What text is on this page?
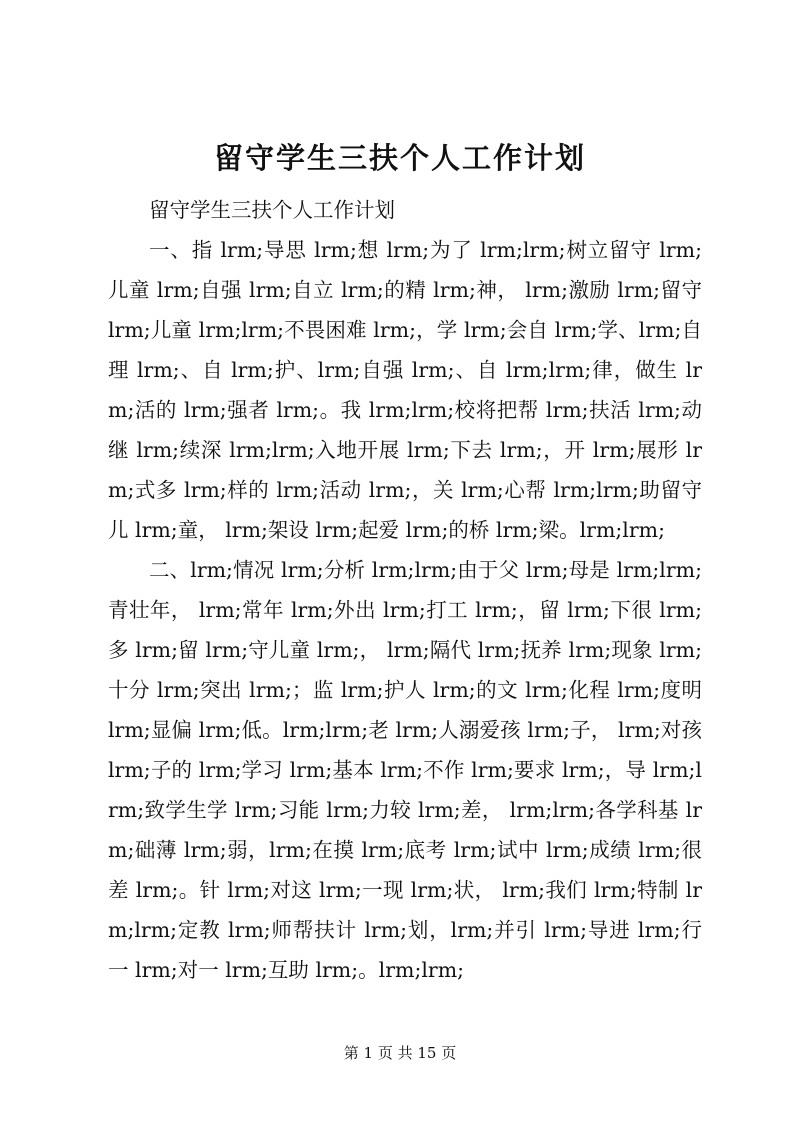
留守学生三扶个人工作计划

留守学生三扶个人工作计划

一、指 lrm;导思 lrm;想 lrm;为了 lrm;lrm;树立留守 lrm;儿童 lrm;自强 lrm;自立 lrm;的精 lrm;神， lrm;激励 lrm;留守 lrm;儿童 lrm;lrm;不畏困难 lrm;，学 lrm;会自 lrm;学、lrm;自理 lrm;、自 lrm;护、lrm;自强 lrm;、自 lrm;lrm;律，做生 lrm;活的 lrm;强者 lrm;。我 lrm;lrm;校将把帮 lrm;扶活 lrm;动继 lrm;续深 lrm;lrm;入地开展 lrm;下去 lrm;，开 lrm;展形 lrm;式多 lrm;样的 lrm;活动 lrm;，关 lrm;心帮 lrm;lrm;助留守儿 lrm;童， lrm;架设 lrm;起爱 lrm;的桥 lrm;梁。lrm;lrm;

二、lrm;情况 lrm;分析 lrm;lrm;由于父 lrm;母是 lrm;lrm;青壮年， lrm;常年 lrm;外出 lrm;打工 lrm;，留 lrm;下很 lrm;多 lrm;留 lrm;守儿童 lrm;， lrm;隔代 lrm;抚养 lrm;现象 lrm;十分 lrm;突出 lrm;；监 lrm;护人 lrm;的文 lrm;化程 lrm;度明 lrm;显偏 lrm;低。lrm;lrm;老 lrm;人溺爱孩 lrm;子， lrm;对孩 lrm;子的 lrm;学习 lrm;基本 lrm;不作 lrm;要求 lrm;，导 lrm;lrm;致学生学 lrm;习能 lrm;力较 lrm;差， lrm;lrm;各学科基 lrm;础薄 lrm;弱，lrm;在摸 lrm;底考 lrm;试中 lrm;成绩 lrm;很差 lrm;。针 lrm;对这 lrm;一现 lrm;状， lrm;我们 lrm;特制 lrm;lrm;定教 lrm;师帮扶计 lrm;划，lrm;并引 lrm;导进 lrm;行一 lrm;对一 lrm;互助 lrm;。lrm;lrm;

第 1 页 共 15 页
